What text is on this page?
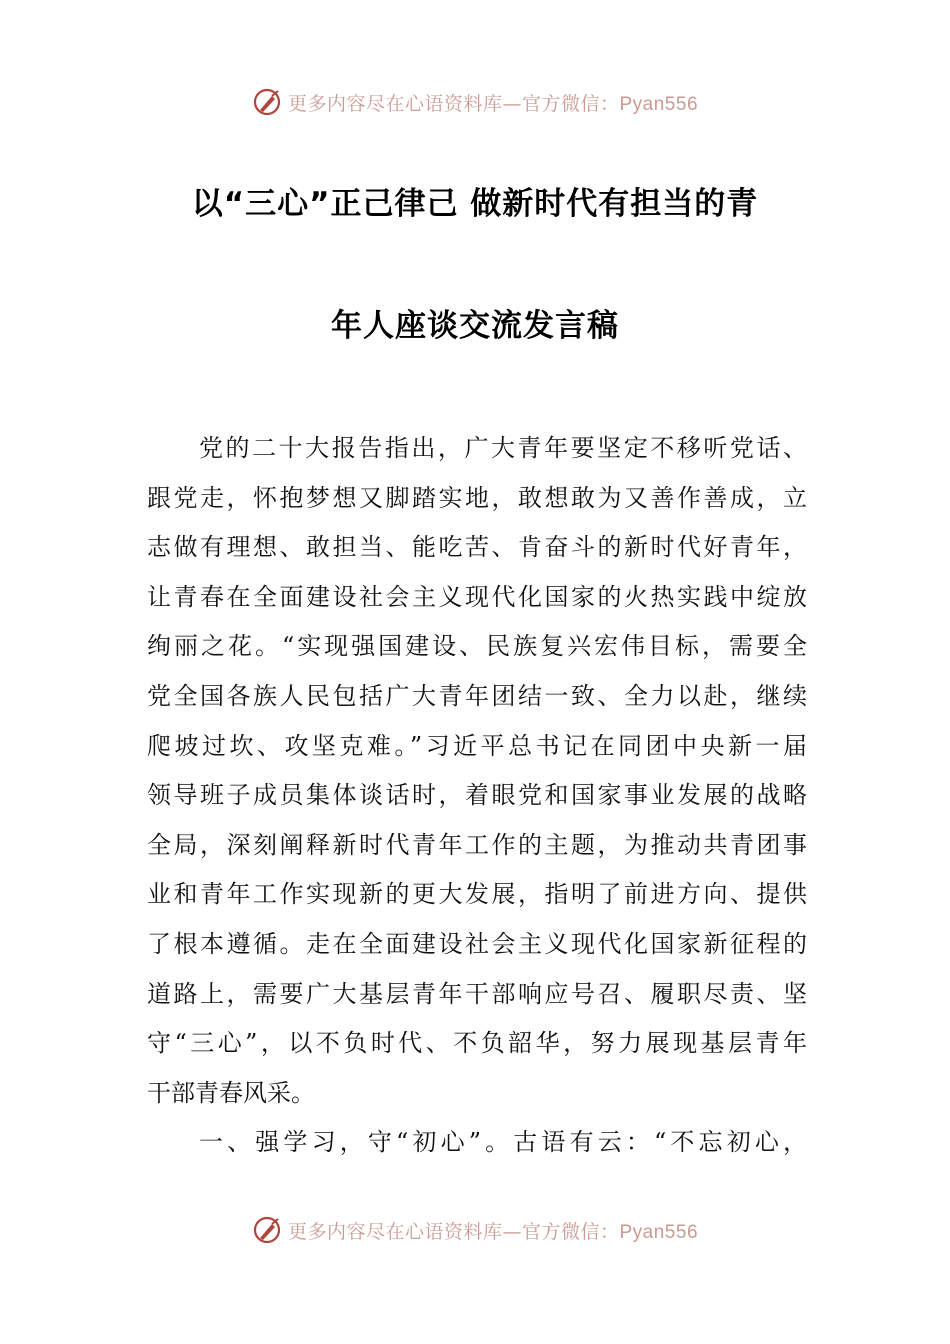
更多内容尽在心语资料库—官方微信：Pyan556
以“三心”正己律己 做新时代有担当的青
年人座谈交流发言稿
党的二十大报告指出，广大青年要坚定不移听党话、
跟党走，怀抱梦想又脚踏实地，敢想敢为又善作善成，立
志做有理想、敢担当、能吃苦、肯奋斗的新时代好青年，
让青春在全面建设社会主义现代化国家的火热实践中绽放
绚丽之花。“实现强国建设、民族复兴宏伟目标，需要全
党全国各族人民包括广大青年团结一致、全力以赴，继续
爬坡过坎、攻坚克难。”习近平总书记在同团中央新一届
领导班子成员集体谈话时，着眼党和国家事业发展的战略
全局，深刻阐释新时代青年工作的主题，为推动共青团事
业和青年工作实现新的更大发展，指明了前进方向、提供
了根本遵循。走在全面建设社会主义现代化国家新征程的
道路上，需要广大基层青年干部响应号召、履职尽责、坚
守“三心”，以不负时代、不负韶华，努力展现基层青年
干部青春风采。
一、强学习，守“初心”。古语有云：“不忘初心，
更多内容尽在心语资料库—官方微信：Pyan556
